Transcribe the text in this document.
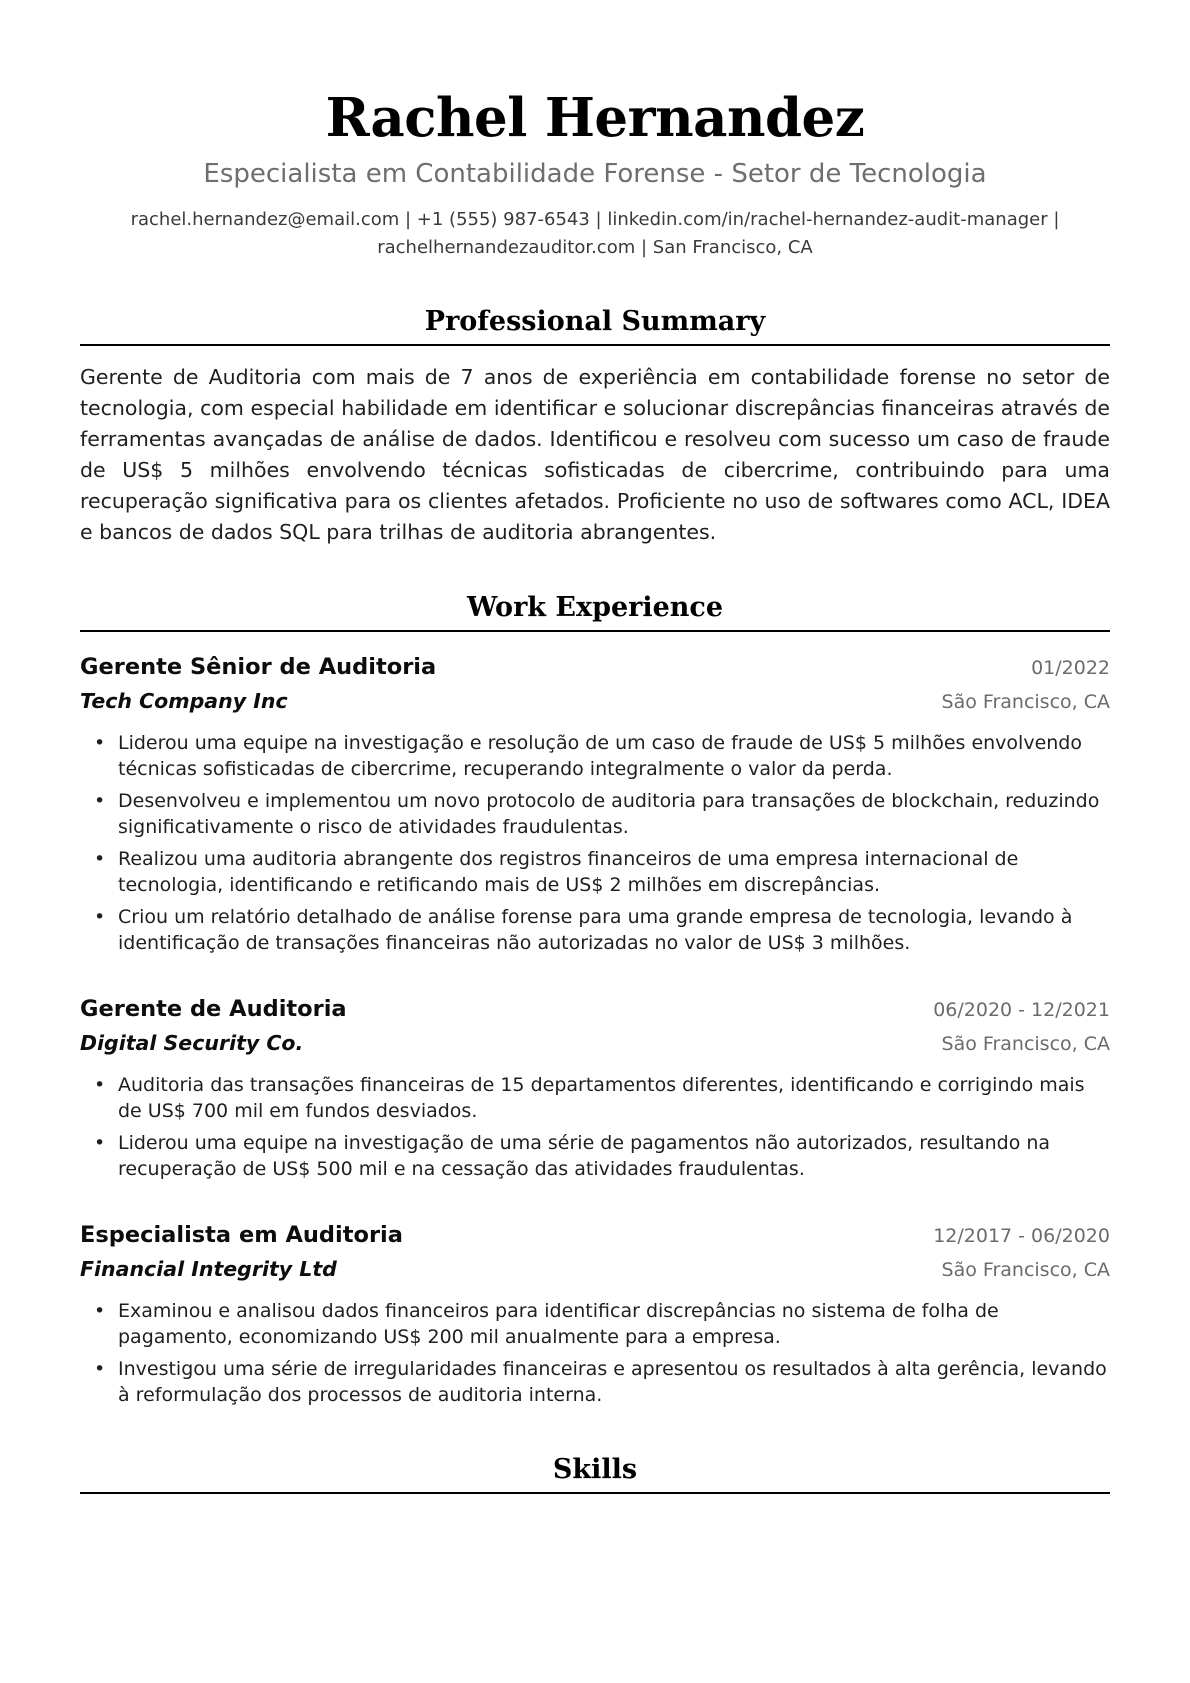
Rachel Hernandez

Especialista em Contabilidade Forense - Setor de Tecnologia

rachel.hernandez@email.com | +1 (555) 987-6543 | linkedin.com/in/rachel-hernandez-audit-manager |
rachelhernandezauditor.com | San Francisco, CA

Professional Summary

Gerente de Auditoria com mais de 7 anos de experiência em contabilidade forense no setor de tecnologia, com especial habilidade em identificar e solucionar discrepâncias financeiras através de ferramentas avançadas de análise de dados. Identificou e resolveu com sucesso um caso de fraude de US$ 5 milhões envolvendo técnicas sofisticadas de cibercrime, contribuindo para uma recuperação significativa para os clientes afetados. Proficiente no uso de softwares como ACL, IDEA e bancos de dados SQL para trilhas de auditoria abrangentes.

Work Experience
Gerente Sênior de Auditoria	01/2022
Tech Company Inc	São Francisco, CA
• Liderou uma equipe na investigação e resolução de um caso de fraude de US$ 5 milhões envolvendo técnicas sofisticadas de cibercrime, recuperando integralmente o valor da perda.
• Desenvolveu e implementou um novo protocolo de auditoria para transações de blockchain, reduzindo significativamente o risco de atividades fraudulentas.
• Realizou uma auditoria abrangente dos registros financeiros de uma empresa internacional de tecnologia, identificando e retificando mais de US$ 2 milhões em discrepâncias.
• Criou um relatório detalhado de análise forense para uma grande empresa de tecnologia, levando à identificação de transações financeiras não autorizadas no valor de US$ 3 milhões.
Gerente de Auditoria	06/2020 - 12/2021
Digital Security Co.	São Francisco, CA
• Auditoria das transações financeiras de 15 departamentos diferentes, identificando e corrigindo mais de US$ 700 mil em fundos desviados.
• Liderou uma equipe na investigação de uma série de pagamentos não autorizados, resultando na recuperação de US$ 500 mil e na cessação das atividades fraudulentas.
Especialista em Auditoria	12/2017 - 06/2020
Financial Integrity Ltd	São Francisco, CA
• Examinou e analisou dados financeiros para identificar discrepâncias no sistema de folha de pagamento, economizando US$ 200 mil anualmente para a empresa.
• Investigou uma série de irregularidades financeiras e apresentou os resultados à alta gerência, levando à reformulação dos processos de auditoria interna.
Skills
